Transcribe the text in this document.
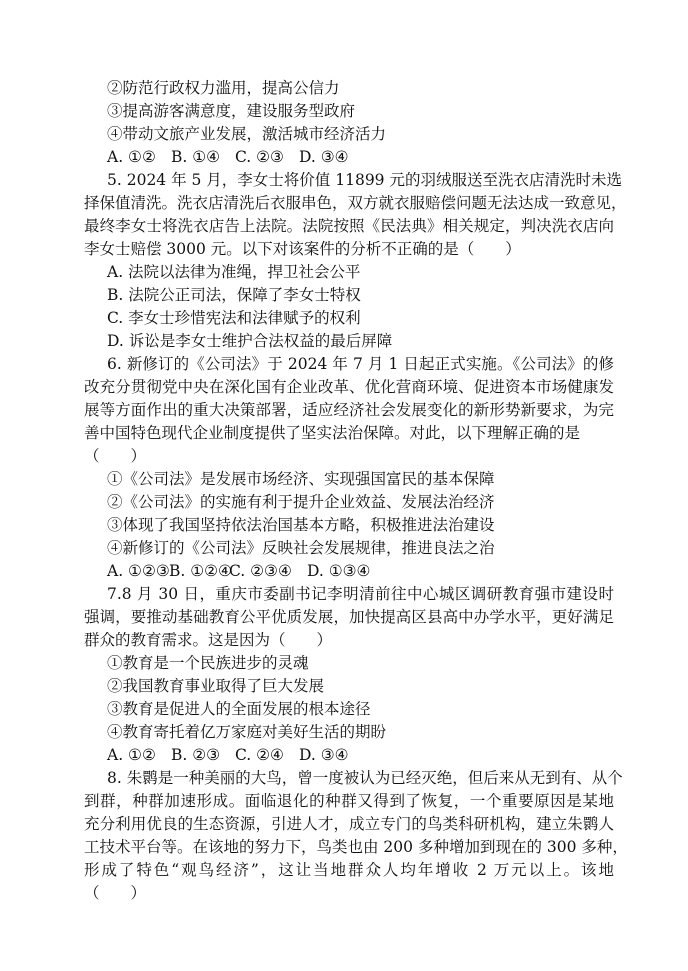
②防范行政权力滥用，提高公信力
③提高游客满意度，建设服务型政府
④带动文旅产业发展，激活城市经济活力
A. ①② B. ①④ C. ②③ D. ③④
5. 2024 年 5 月，李女士将价值 11899 元的羽绒服送至洗衣店清洗时未选
择保值清洗。洗衣店清洗后衣服串色，双方就衣服赔偿问题无法达成一致意见，
最终李女士将洗衣店告上法院。法院按照《民法典》相关规定，判决洗衣店向
李女士赔偿 3000 元。以下对该案件的分析不正确的是（　　）
A. 法院以法律为准绳，捍卫社会公平
B. 法院公正司法，保障了李女士特权
C. 李女士珍惜宪法和法律赋予的权利
D. 诉讼是李女士维护合法权益的最后屏障
6. 新修订的《公司法》于 2024 年 7 月 1 日起正式实施。《公司法》的修
改充分贯彻党中央在深化国有企业改革、优化营商环境、促进资本市场健康发
展等方面作出的重大决策部署，适应经济社会发展变化的新形势新要求，为完
善中国特色现代企业制度提供了坚实法治保障。对此，以下理解正确的是
（　　）
①《公司法》是发展市场经济、实现强国富民的基本保障
②《公司法》的实施有利于提升企业效益、发展法治经济
③体现了我国坚持依法治国基本方略，积极推进法治建设
④新修订的《公司法》反映社会发展规律，推进良法之治
A. ①②③ B. ①②④
C. ②③④ D. ①③④
7.8 月 30 日，重庆市委副书记李明清前往中心城区调研教育强市建设时
强调，要推动基础教育公平优质发展，加快提高区县高中办学水平，更好满足
群众的教育需求。这是因为（　　）
①教育是一个民族进步的灵魂
②我国教育事业取得了巨大发展
③教育是促进人的全面发展的根本途径
④教育寄托着亿万家庭对美好生活的期盼
A. ①② B. ②③ C. ②④ D. ③④
8. 朱鹮是一种美丽的大鸟，曾一度被认为已经灭绝，但后来从无到有、从个
到群，种群加速形成。面临退化的种群又得到了恢复，一个重要原因是某地
充分利用优良的生态资源，引进人才，成立专门的鸟类科研机构，建立朱鹮人
工技术平台等。在该地的努力下，鸟类也由 200 多种增加到现在的 300 多种，
形成了特色“观鸟经济”，这让当地群众人均年增收 2 万元以上。该地
（　　）
